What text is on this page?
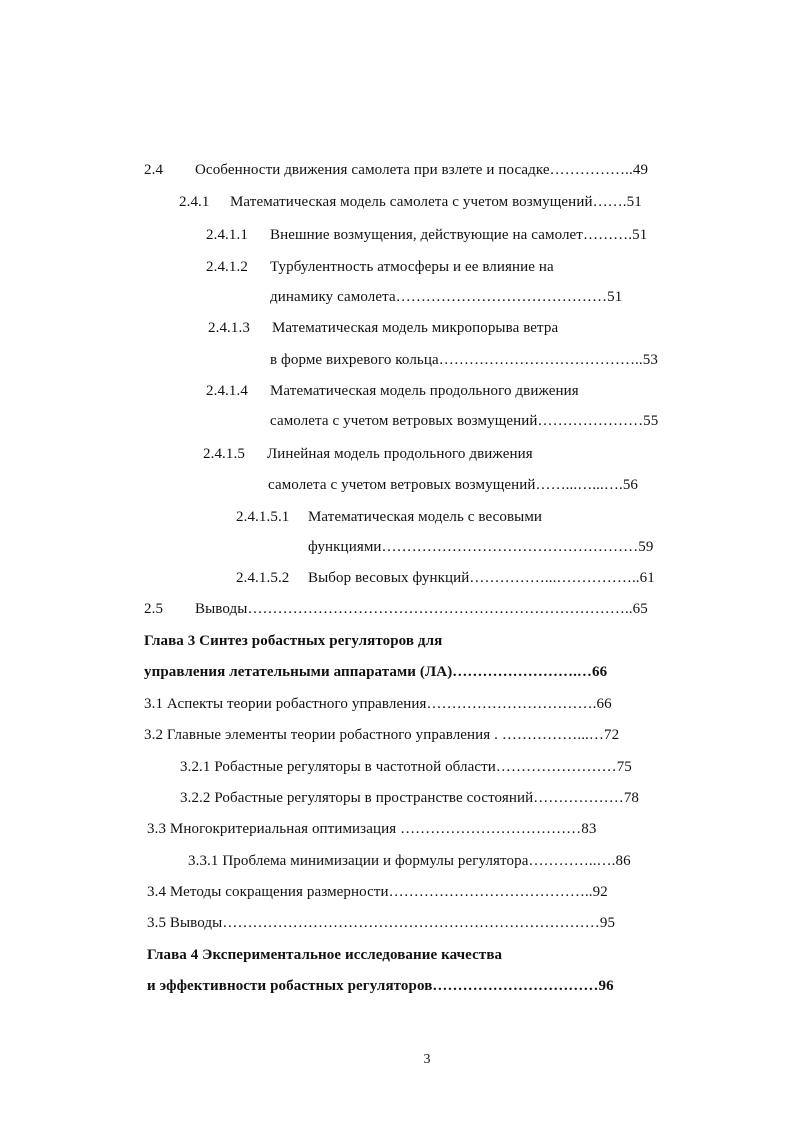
2.4 Особенности движения самолета при взлете и посадке……………..49
2.4.1 Математическая модель самолета с учетом возмущений…….51
2.4.1.1 Внешние возмущения, действующие на самолет……….51
2.4.1.2 Турбулентность атмосферы и ее влияние на
динамику самолета……………………………………51
2.4.1.3 Математическая модель микропорыва ветра
в форме вихревого кольца…………………………………..53
2.4.1.4 Математическая модель продольного движения
самолета с учетом ветровых возмущений…………………55
2.4.1.5 Линейная модель продольного движения
самолета с учетом ветровых возмущений……...…...….56
2.4.1.5.1 Математическая модель с весовыми
функциями……………………………………………59
2.4.1.5.2 Выбор весовых функций……………...……………..61
2.5 Выводы…………………………………………………………………..65
Глава 3 Синтез робастных регуляторов для
управления летательными аппаратами (ЛА)…………………….…66
3.1 Аспекты теории робастного управления…………………………….66
3.2 Главные элементы теории робастного управления . ……………...…72
3.2.1 Робастные регуляторы в частотной области……………………75
3.2.2 Робастные регуляторы в пространстве состояний………………78
3.3 Многокритериальная оптимизация ………………………………83
3.3.1 Проблема минимизации и формулы регулятора…………..….86
3.4 Методы сокращения размерности…………………………………..92
3.5 Выводы…………………………………………………………………95
Глава 4 Экспериментальное исследование качества
и эффективности робастных регуляторов……………………………96
3
